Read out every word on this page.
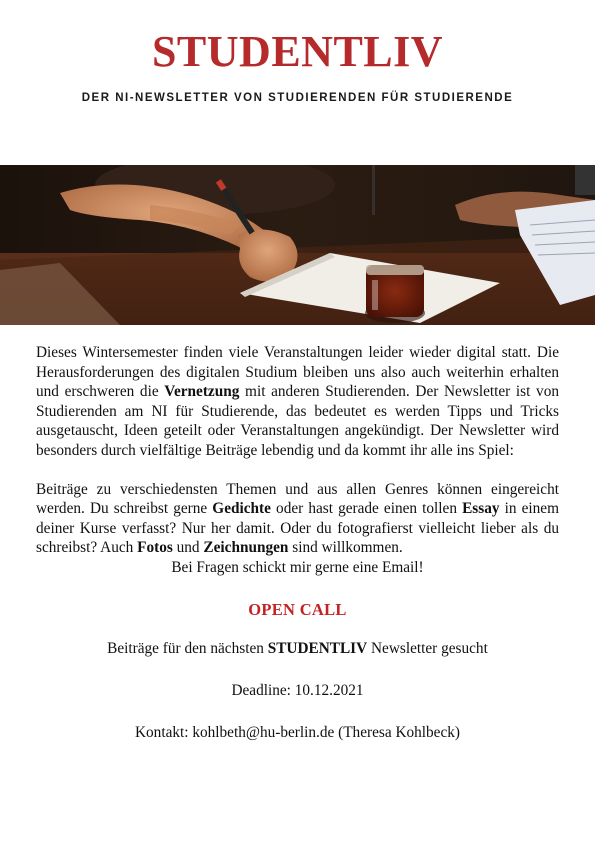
STUDENTLIV
DER NI-NEWSLETTER VON STUDIERENDEN FÜR STUDIERENDE

Dieses Wintersemester finden viele Veranstaltungen leider wieder digital statt. Die Herausforderungen des digitalen Studium bleiben uns also auch weiterhin erhalten und erschweren die Vernetzung mit anderen Studierenden. Der Newsletter ist von Studierenden am NI für Studierende, das bedeutet es werden Tipps und Tricks ausgetauscht, Ideen geteilt oder Veranstaltungen angekündigt. Der Newsletter wird besonders durch vielfältige Beiträge lebendig und da kommt ihr alle ins Spiel:

Beiträge zu verschiedensten Themen und aus allen Genres können eingereicht werden. Du schreibst gerne Gedichte oder hast gerade einen tollen Essay in einem deiner Kurse verfasst? Nur her damit. Oder du fotografierst vielleicht lieber als du schreibst? Auch Fotos und Zeichnungen sind willkommen.

Bei Fragen schickt mir gerne eine Email!
OPEN CALL
Beiträge für den nächsten STUDENTLIV Newsletter gesucht
Deadline: 10.12.2021
Kontakt: kohlbeth@hu-berlin.de (Theresa Kohlbeck)
